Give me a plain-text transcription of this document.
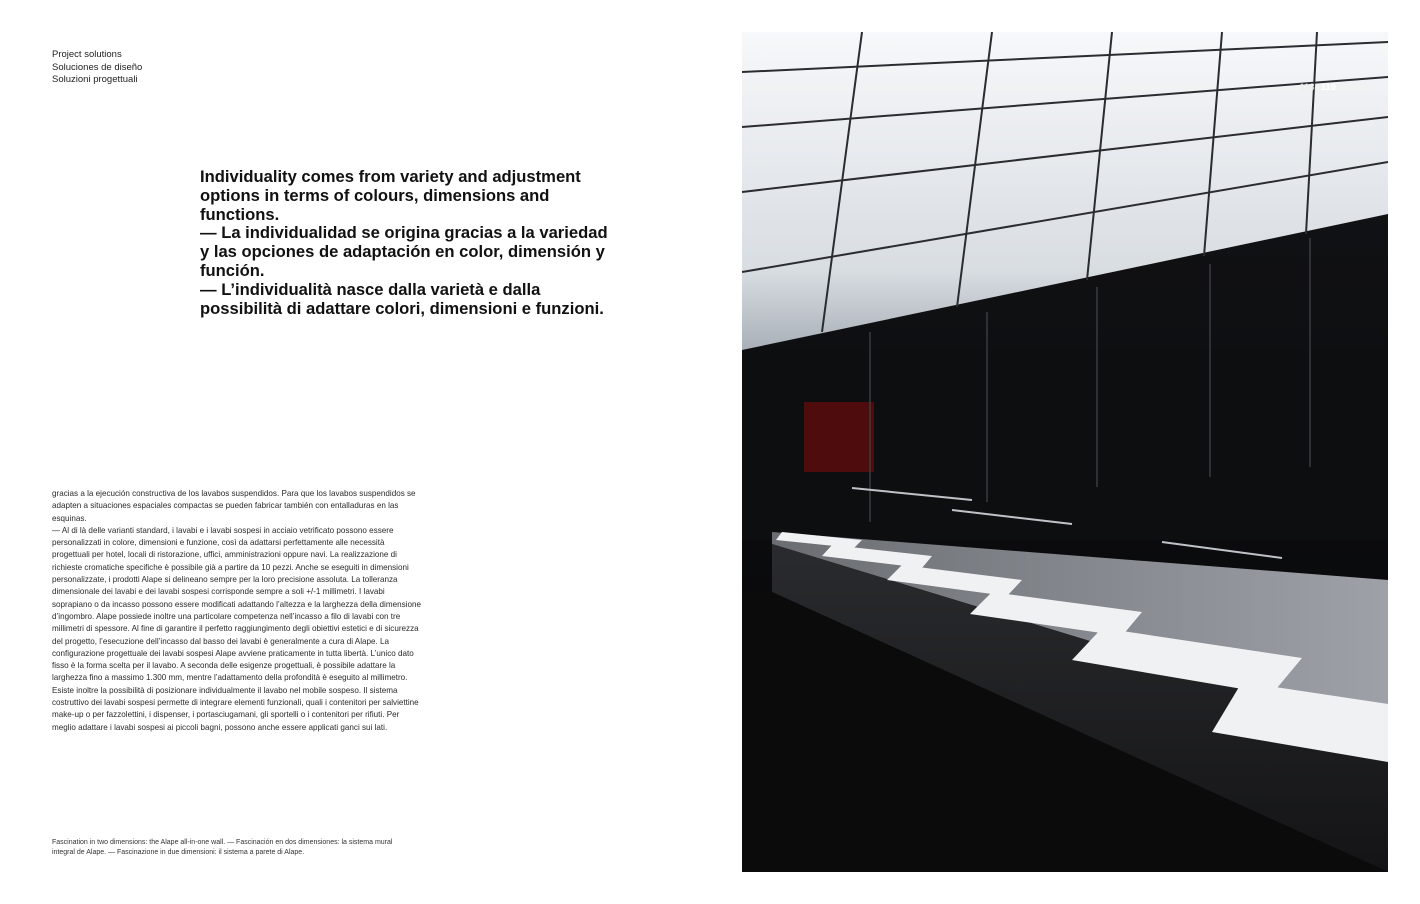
Project solutions
Soluciones de diseño
Soluzioni progettuali

Individuality comes from variety and adjustment options in terms of colours, dimensions and functions.

— La individualidad se origina gracias a la variedad y las opciones de adaptación en color, dimensión y función.

— L’individualità nasce dalla varietà e dalla possibilità di adattare colori, dimensioni e funzioni.

gracias a la ejecución constructiva de los lavabos suspendidos. Para que los lavabos suspendidos se adapten a situaciones espaciales compactas se pueden fabricar también con entalladuras en las esquinas.

— Al di là delle varianti standard, i lavabi e i lavabi sospesi in acciaio vetrificato possono essere personalizzati in colore, dimensioni e funzione, così da adattarsi perfettamente alle necessità progettuali per hotel, locali di ristorazione, uffici, amministrazioni oppure navi. La realizzazione di richieste cromatiche specifiche è possibile già a partire da 10 pezzi. Anche se eseguiti in dimensioni personalizzate, i prodotti Alape si delineano sempre per la loro precisione assoluta. La tolleranza dimensionale dei lavabi e dei lavabi sospesi corrisponde sempre a soli +/-1 millimetri. I lavabi soprapiano o da incasso possono essere modificati adattando l’altezza e la larghezza della dimensione d’ingombro. Alape possiede inoltre una particolare competenza nell’incasso a filo di lavabi con tre millimetri di spessore. Al fine di garantire il perfetto raggiungimento degli obiettivi estetici e di sicurezza del progetto, l’esecuzione dell’incasso dal basso dei lavabi è generalmente a cura di Alape. La configurazione progettuale dei lavabi sospesi Alape avviene praticamente in tutta libertà. L’unico dato fisso è la forma scelta per il lavabo. A seconda delle esigenze progettuali, è possibile adattare la larghezza fino a massimo 1.300 mm, mentre l’adattamento della profondità è eseguito al millimetro. Esiste inoltre la possibilità di posizionare individualmente il lavabo nel mobile sospeso. Il sistema costruttivo dei lavabi sospesi permette di integrare elementi funzionali, quali i contenitori per salviettine make-up o per fazzolettini, i dispenser, i portasciugamani, gli sportelli o i contenitori per rifiuti. Per meglio adattare i lavabi sospesi ai piccoli bagni, possono anche essere applicati ganci sui lati.

Fascination in two dimensions: the Alape all-in-one wall. — Fascinación en dos dimensiones: la sistema mural integral de Alape. — Fascinazione in due dimensioni: il sistema a parete di Alape.
118 119
